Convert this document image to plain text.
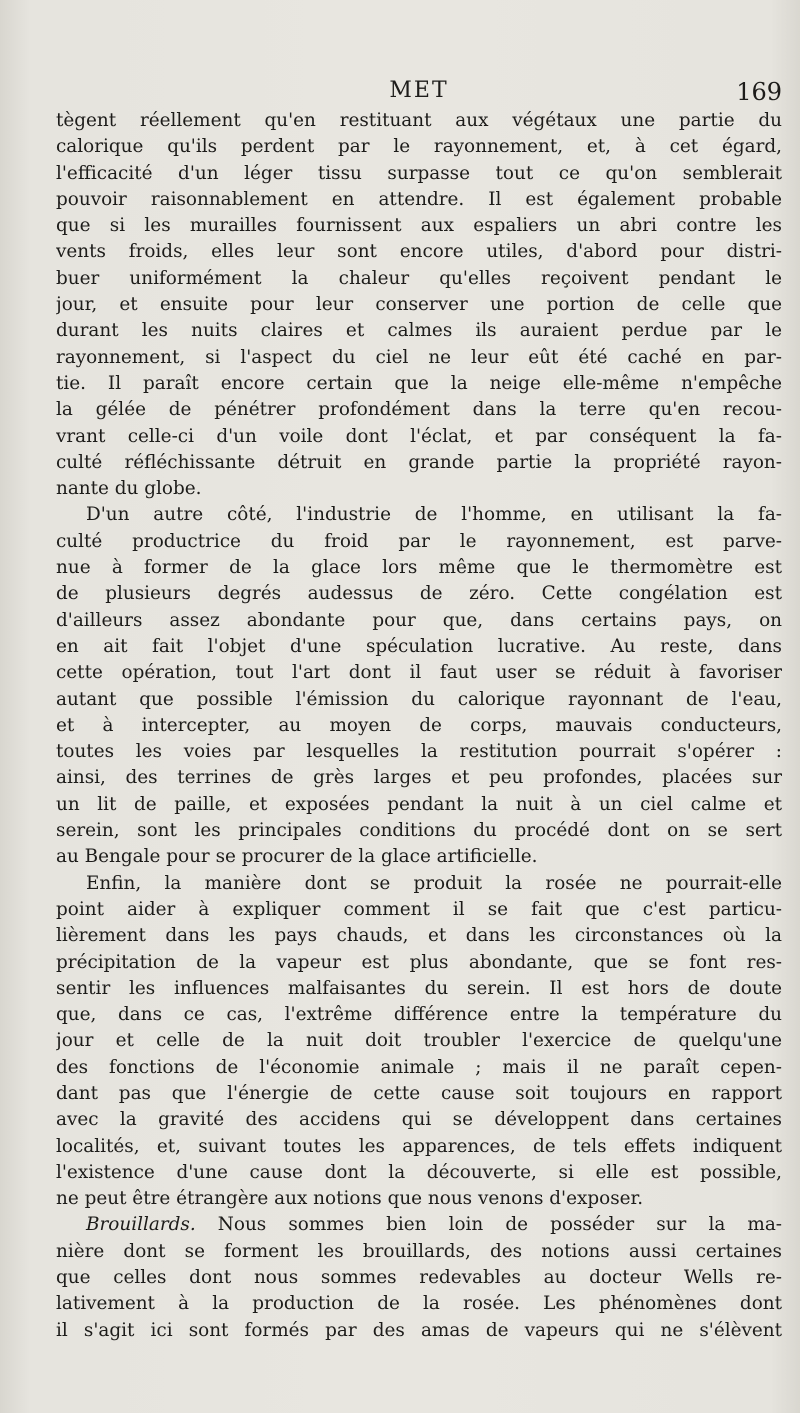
MET	169
tègent réellement qu'en restituant aux végétaux une partie du
calorique qu'ils perdent par le rayonnement, et, à cet égard,
l'efficacité d'un léger tissu surpasse tout ce qu'on semblerait
pouvoir raisonnablement en attendre. Il est également probable
que si les murailles fournissent aux espaliers un abri contre les
vents froids, elles leur sont encore utiles, d'abord pour distri-
buer uniformément la chaleur qu'elles reçoivent pendant le
jour, et ensuite pour leur conserver une portion de celle que
durant les nuits claires et calmes ils auraient perdue par le
rayonnement, si l'aspect du ciel ne leur eût été caché en par-
tie. Il paraît encore certain que la neige elle-même n'empêche
la gélée de pénétrer profondément dans la terre qu'en recou-
vrant celle-ci d'un voile dont l'éclat, et par conséquent la fa-
culté réfléchissante détruit en grande partie la propriété rayon-
nante du globe.
D'un autre côté, l'industrie de l'homme, en utilisant la fa-
culté productrice du froid par le rayonnement, est parve-
nue à former de la glace lors même que le thermomètre est
de plusieurs degrés audessus de zéro. Cette congélation est
d'ailleurs assez abondante pour que, dans certains pays, on
en ait fait l'objet d'une spéculation lucrative. Au reste, dans
cette opération, tout l'art dont il faut user se réduit à favoriser
autant que possible l'émission du calorique rayonnant de l'eau,
et à intercepter, au moyen de corps, mauvais conducteurs,
toutes les voies par lesquelles la restitution pourrait s'opérer :
ainsi, des terrines de grès larges et peu profondes, placées sur
un lit de paille, et exposées pendant la nuit à un ciel calme et
serein, sont les principales conditions du procédé dont on se sert
au Bengale pour se procurer de la glace artificielle.
Enfin, la manière dont se produit la rosée ne pourrait-elle
point aider à expliquer comment il se fait que c'est particu-
lièrement dans les pays chauds, et dans les circonstances où la
précipitation de la vapeur est plus abondante, que se font res-
sentir les influences malfaisantes du serein. Il est hors de doute
que, dans ce cas, l'extrême différence entre la température du
jour et celle de la nuit doit troubler l'exercice de quelqu'une
des fonctions de l'économie animale ; mais il ne paraît cepen-
dant pas que l'énergie de cette cause soit toujours en rapport
avec la gravité des accidens qui se développent dans certaines
localités, et, suivant toutes les apparences, de tels effets indiquent
l'existence d'une cause dont la découverte, si elle est possible,
ne peut être étrangère aux notions que nous venons d'exposer.
Brouillards. Nous sommes bien loin de posséder sur la ma-
nière dont se forment les brouillards, des notions aussi certaines
que celles dont nous sommes redevables au docteur Wells re-
lativement à la production de la rosée. Les phénomènes dont
il s'agit ici sont formés par des amas de vapeurs qui ne s'élèvent
